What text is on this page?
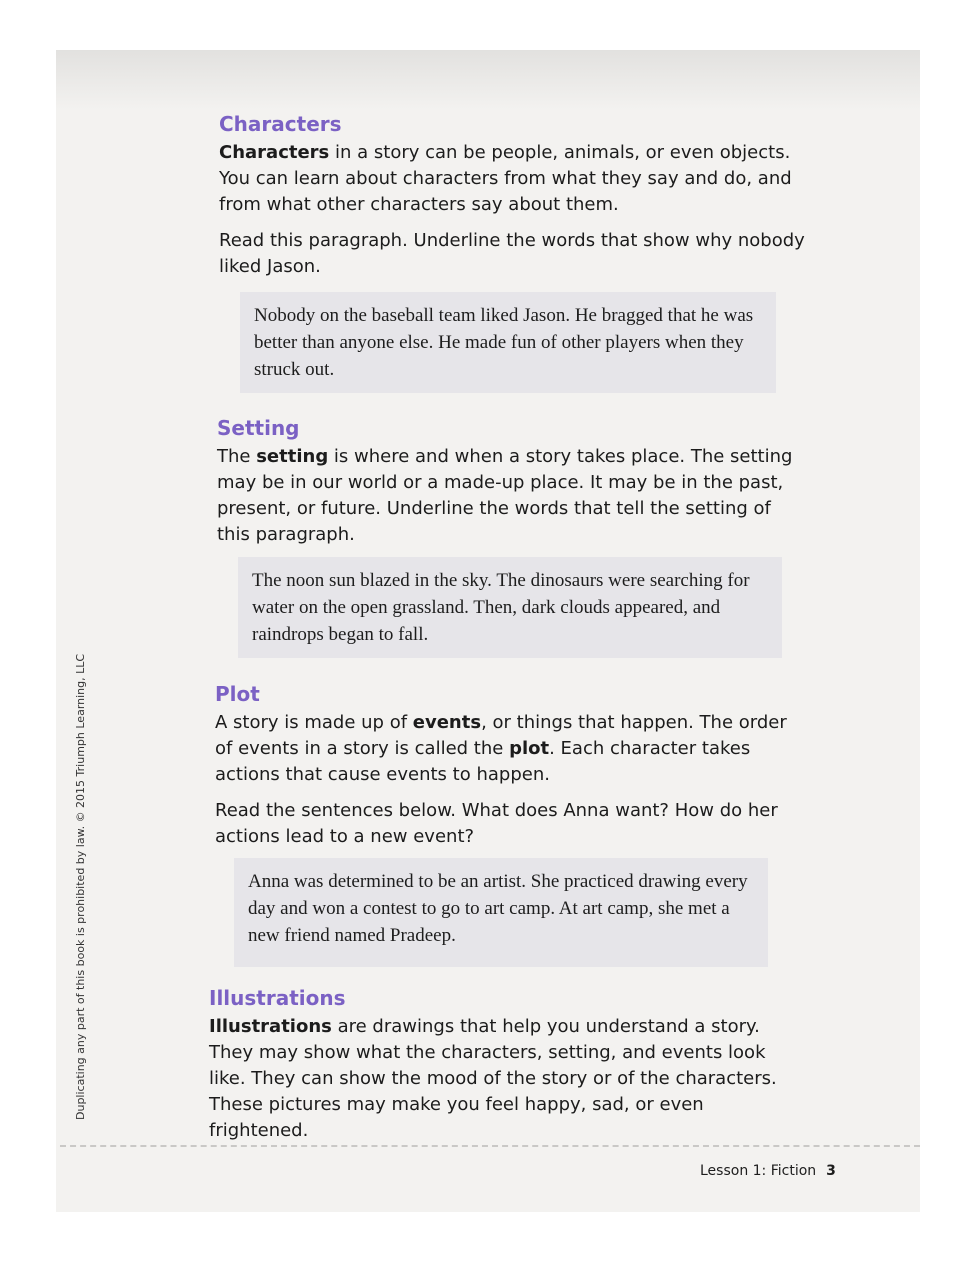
Characters

Characters in a story can be people, animals, or even objects. You can learn about characters from what they say and do, and from what other characters say about them.

Read this paragraph. Underline the words that show why nobody liked Jason.

Nobody on the baseball team liked Jason. He bragged that he was better than anyone else. He made fun of other players when they struck out.
Setting

The setting is where and when a story takes place. The setting may be in our world or a made-up place. It may be in the past, present, or future. Underline the words that tell the setting of this paragraph.

The noon sun blazed in the sky. The dinosaurs were searching for water on the open grassland. Then, dark clouds appeared, and raindrops began to fall.
Plot

A story is made up of events, or things that happen. The order of events in a story is called the plot. Each character takes actions that cause events to happen.

Read the sentences below. What does Anna want? How do her actions lead to a new event?

Anna was determined to be an artist. She practiced drawing every day and won a contest to go to art camp. At art camp, she met a new friend named Pradeep.
Illustrations

Illustrations are drawings that help you understand a story. They may show what the characters, setting, and events look like. They can show the mood of the story or of the characters. These pictures may make you feel happy, sad, or even frightened.

Duplicating any part of this book is prohibited by law. © 2015 Triumph Learning, LLC
Lesson 1: Fiction 3
